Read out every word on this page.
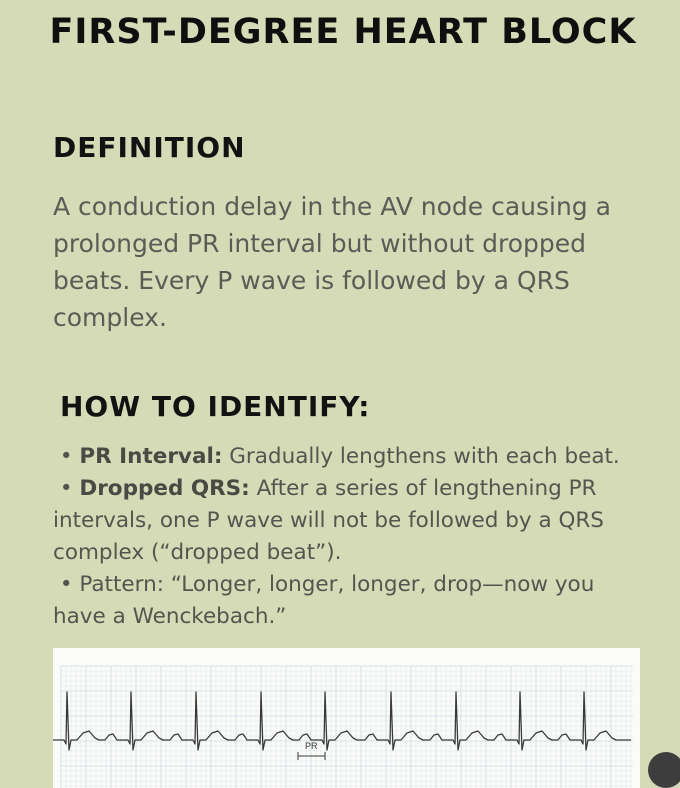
FIRST-DEGREE HEART BLOCK
DEFINITION
A conduction delay in the AV node causing a prolonged PR interval but without dropped beats. Every P wave is followed by a QRS complex.
HOW TO IDENTIFY:
• PR Interval: Gradually lengthens with each beat.
• Dropped QRS: After a series of lengthening PR intervals, one P wave will not be followed by a QRS complex (“dropped beat”).
• Pattern: “Longer, longer, longer, drop—now you have a Wenckebach.”
PR
